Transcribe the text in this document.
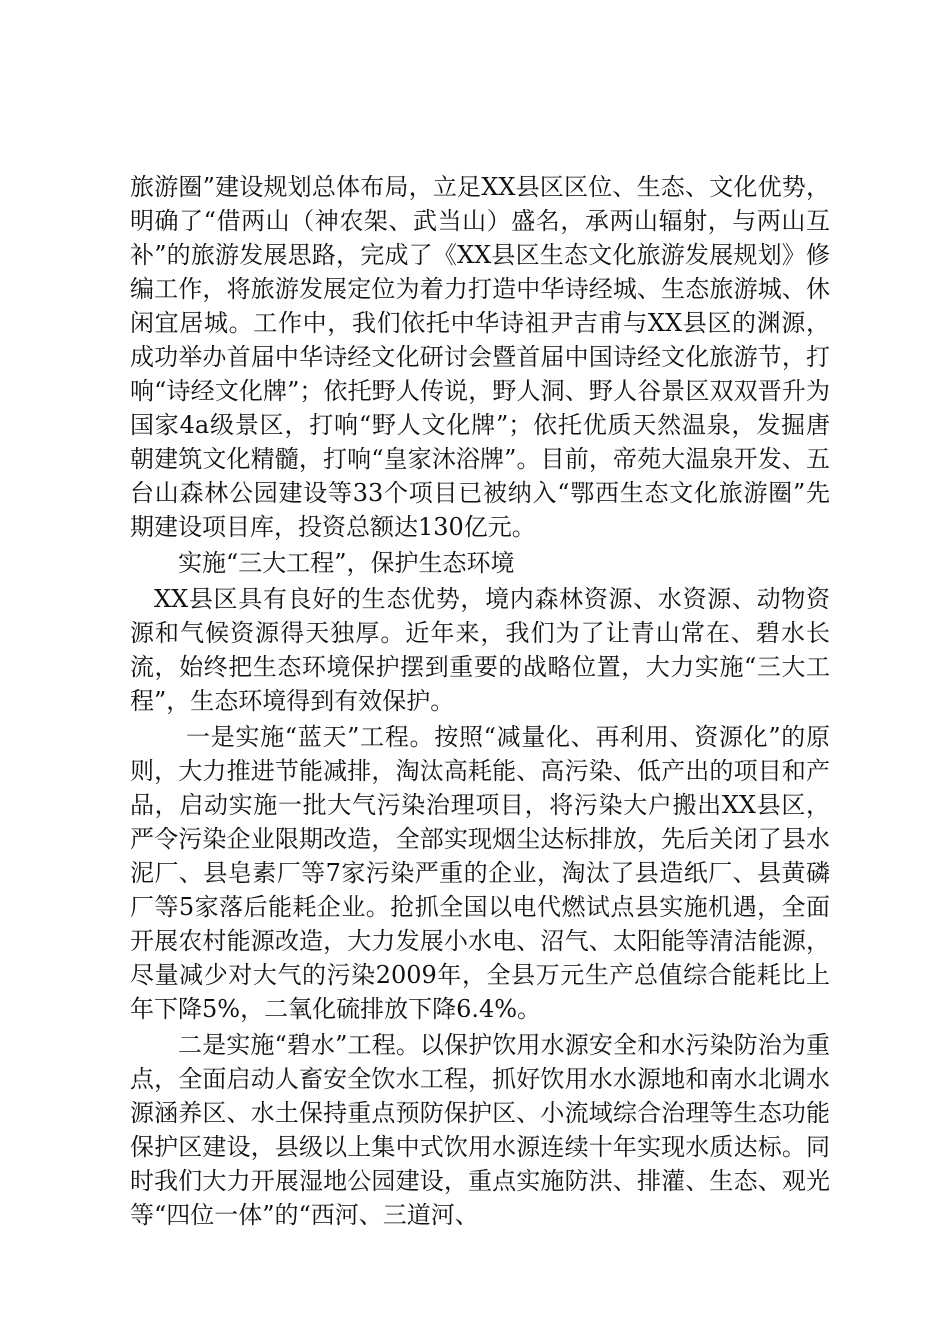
旅游圈”建设规划总体布局，立足XX县区区位、生态、文化优势，明确了“借两山（神农架、武当山）盛名，承两山辐射，与两山互补”的旅游发展思路，完成了《XX县区生态文化旅游发展规划》修编工作，将旅游发展定位为着力打造中华诗经城、生态旅游城、休闲宜居城。工作中，我们依托中华诗祖尹吉甫与XX县区的渊源，成功举办首届中华诗经文化研讨会暨首届中国诗经文化旅游节，打响“诗经文化牌”；依托野人传说，野人洞、野人谷景区双双晋升为国家4a级景区，打响“野人文化牌”；依托优质天然温泉，发掘唐朝建筑文化精髓，打响“皇家沐浴牌”。目前，帝苑大温泉开发、五台山森林公园建设等33个项目已被纳入“鄂西生态文化旅游圈”先期建设项目库，投资总额达130亿元。

实施“三大工程”，保护生态环境

XX县区具有良好的生态优势，境内森林资源、水资源、动物资源和气候资源得天独厚。近年来，我们为了让青山常在、碧水长流，始终把生态环境保护摆到重要的战略位置，大力实施“三大工程”，生态环境得到有效保护。

一是实施“蓝天”工程。按照“减量化、再利用、资源化”的原则，大力推进节能减排，淘汰高耗能、高污染、低产出的项目和产品，启动实施一批大气污染治理项目，将污染大户搬出XX县区，严令污染企业限期改造，全部实现烟尘达标排放，先后关闭了县水泥厂、县皂素厂等7家污染严重的企业，淘汰了县造纸厂、县黄磷厂等5家落后能耗企业。抢抓全国以电代燃试点县实施机遇，全面开展农村能源改造，大力发展小水电、沼气、太阳能等清洁能源，尽量减少对大气的污染2009年，全县万元生产总值综合能耗比上年下降5%，二氧化硫排放下降6.4%。

二是实施“碧水”工程。以保护饮用水源安全和水污染防治为重点，全面启动人畜安全饮水工程，抓好饮用水水源地和南水北调水源涵养区、水土保持重点预防保护区、小流域综合治理等生态功能保护区建设，县级以上集中式饮用水源连续十年实现水质达标。同时我们大力开展湿地公园建设，重点实施防洪、排灌、生态、观光等“四位一体”的“西河、三道河、
